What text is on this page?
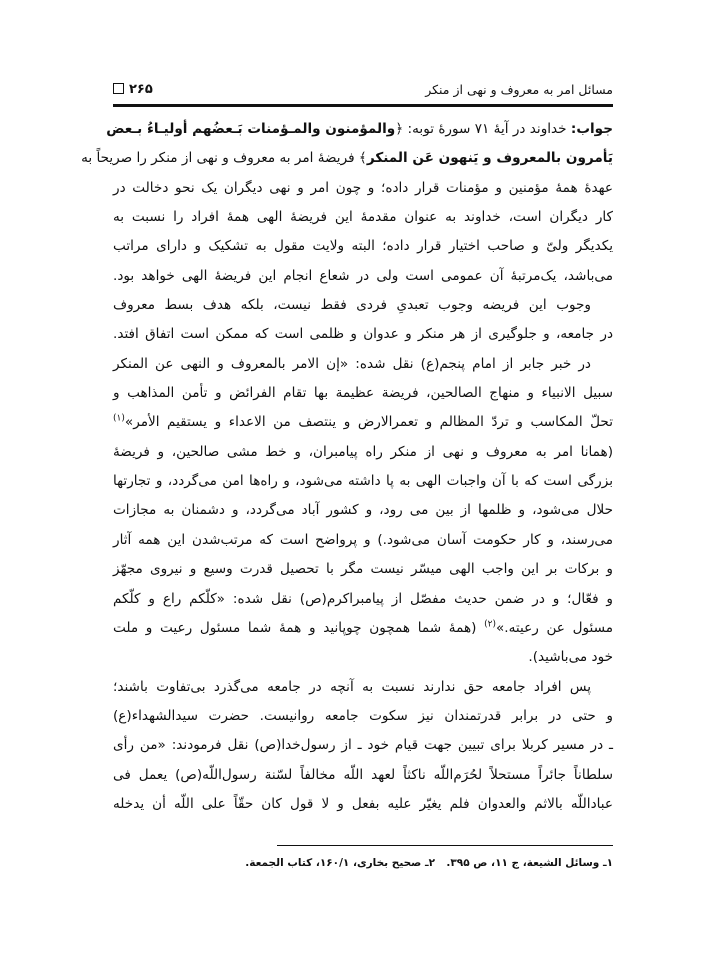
مسائل امر به معروف و نهی از منکر
۲۶۵
جواب: خداوند در آیهٔ ۷۱ سورهٔ توبه: ﴿والمؤمنون والمـؤمنات بَـعضُهم أولیـاءُ بـعض
یَأمرون بالمعروف و یَنهون عَن المنکر﴾ فریضهٔ امر به معروف و نهی از منکر را صریحاً به
عهدهٔ همهٔ مؤمنین و مؤمنات قرار داده؛ و چون امر و نهی دیگران یک نحو دخالت در
کار دیگران است، خداوند به عنوان مقدمهٔ این فریضهٔ الهی همهٔ افراد را نسبت به
یکدیگر ولیّ و صاحب اختیار قرار داده؛ البته ولایت مقول به تشکیک و دارای مراتب
می‌باشد، یک‌مرتبهٔ آن عمومی است ولی در شعاع انجام این فریضهٔ الهی خواهد بود.
وجوب این فریضه وجوب تعبدیِ فردی فقط نیست، بلکه هدف بسط معروف
در جامعه، و جلوگیری از هر منکر و عدوان و ظلمی است که ممکن است اتفاق افتد.
در خبر جابر از امام پنجم(ع) نقل شده: «إن الامر بالمعروف و النهی عن المنکر
سبیل الانبیاء و منهاج الصالحین، فریضة عظیمة بها تقام الفرائض و تأمن المذاهب و
تحلّ المکاسب و تردّ المظالم و تعمرالارض و ینتصف من الاعداء و یستقیم الأمر»$^{(۱)}$
(همانا امر به معروف و نهی از منکر راه پیامبران، و خط مشی صالحین، و فریضهٔ
بزرگی است که با آن واجبات الهی به پا داشته می‌شود، و راه‌ها امن می‌گردد، و تجارتها
حلال می‌شود، و ظلمها از بین می رود، و کشور آباد می‌گردد، و دشمنان به مجازات
می‌رسند، و کار حکومت آسان می‌شود.) و پرواضح است که مرتب‌شدن این همه آثار
و برکات بر این واجب الهی میسّر نیست مگر با تحصیل قدرت وسیع و نیروی مجهّز
و فعّال؛ و در ضمن حدیث مفصّل از پیامبراکرم(ص) نقل شده: «کلّکم راع و کلّکم
مسئول عن رعیته.»$^{(۲)}$ (همهٔ شما همچون چوپانید و همهٔ شما مسئول رعیت و ملت
خود می‌باشید).
پس افراد جامعه حق ندارند نسبت به آنچه در جامعه می‌گذرد بی‌تفاوت باشند؛
و حتی در برابر قدرتمندان نیز سکوت جامعه روانیست. حضرت سیدالشهداء(ع)
ـ در مسیر کربلا برای تبیین جهت قیام خود ـ از رسول‌خدا(ص) نقل فرمودند: «من رأی
سلطاناً جائراً مستحلاً لحُرَم‌اللّه ناکثاً لعهد اللّه مخالفاً لسّنة رسول‌اللّه(ص) یعمل فی
عباداللّه بالاثم والعدوان فلم یغیّر علیه بفعل و لا قول کان حقّاً علی اللّه أن یدخله
۱ـ وسائل الشیعة، ج ۱۱، ص ۳۹۵.
۲ـ صحیح بخاری، ۱۶۰/۱، کتاب الجمعة.
